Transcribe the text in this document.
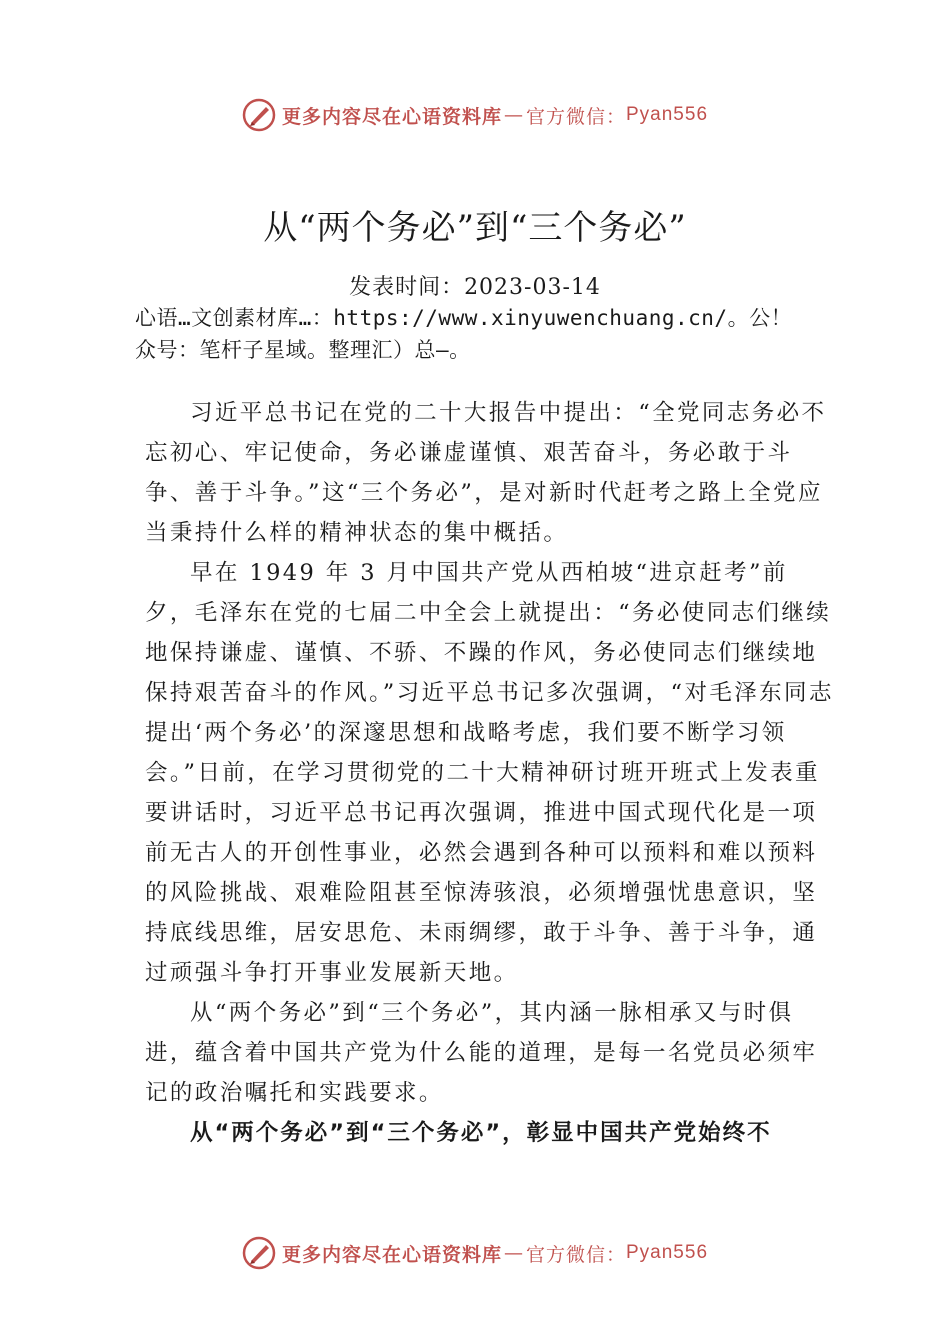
更多内容尽在心语资料库 — 官方微信： Pyan556
从“两个务必”到“三个务必”
发表时间：2023-03-14
心语…文创素材库…：https://www.xinyuwenchuang.cn/。公！
众号：笔杆子星域。整理汇）总—。

习近平总书记在党的二十大报告中提出：“全党同志务必不忘初心、牢记使命，务必谦虚谨慎、艰苦奋斗，务必敢于斗争、善于斗争。”这“三个务必”，是对新时代赶考之路上全党应当秉持什么样的精神状态的集中概括。

早在 1949 年 3 月中国共产党从西柏坡“进京赶考”前夕，毛泽东在党的七届二中全会上就提出：“务必使同志们继续地保持谦虚、谨慎、不骄、不躁的作风，务必使同志们继续地保持艰苦奋斗的作风。”习近平总书记多次强调，“对毛泽东同志提出‘两个务必’的深邃思想和战略考虑，我们要不断学习领会。”日前，在学习贯彻党的二十大精神研讨班开班式上发表重要讲话时，习近平总书记再次强调，推进中国式现代化是一项前无古人的开创性事业，必然会遇到各种可以预料和难以预料的风险挑战、艰难险阻甚至惊涛骇浪，必须增强忧患意识，坚持底线思维，居安思危、未雨绸缪，敢于斗争、善于斗争，通过顽强斗争打开事业发展新天地。

从“两个务必”到“三个务必”，其内涵一脉相承又与时俱进，蕴含着中国共产党为什么能的道理，是每一名党员必须牢记的政治嘱托和实践要求。

从“两个务必”到“三个务必”，彰显中国共产党始终不

更多内容尽在心语资料库 — 官方微信： Pyan556
